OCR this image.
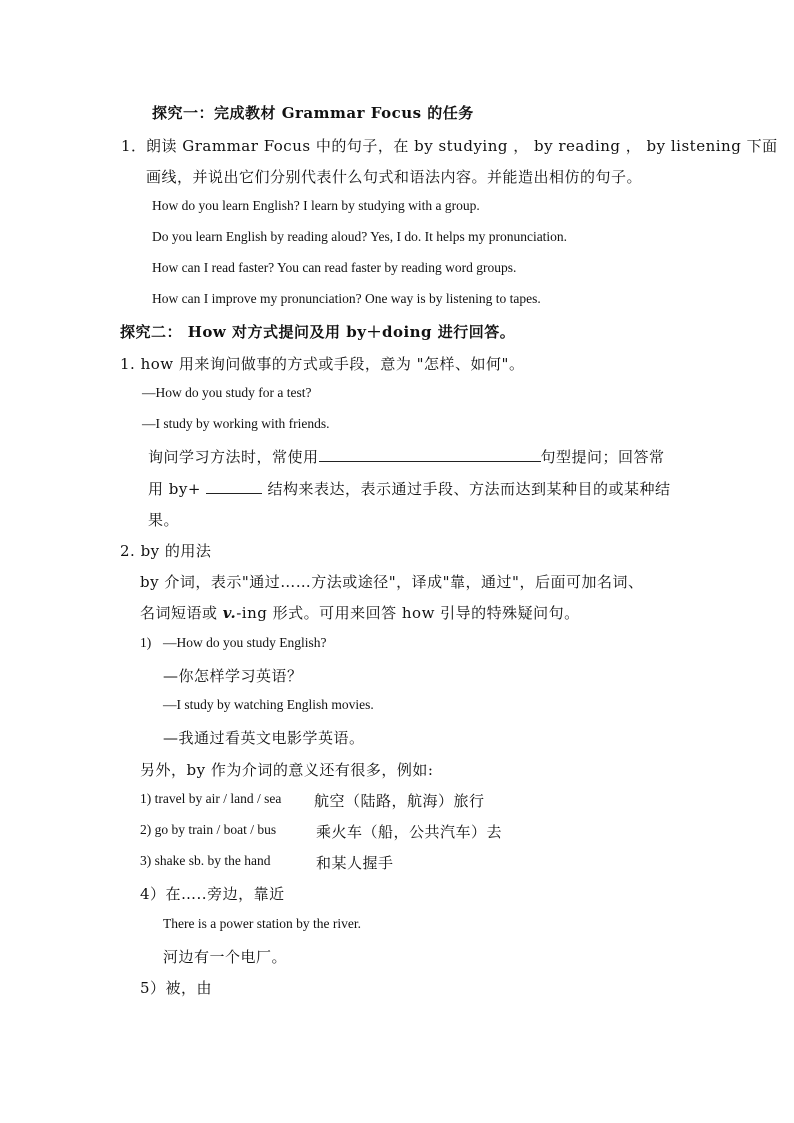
探究一：完成教材 Grammar Focus 的任务
1． 朗读 Grammar Focus 中的句子，在 by studying ， by reading ， by listening 下面
画线，并说出它们分别代表什么句式和语法内容。并能造出相仿的句子。
How do you learn English? I learn by studying with a group.
Do you learn English by reading aloud? Yes, I do. It helps my pronunciation.
How can I read faster? You can read faster by reading word groups.
How can I improve my pronunciation? One way is by listening to tapes.
探究二： How 对方式提问及用 by＋doing 进行回答。
1. how 用来询问做事的方式或手段，意为 "怎样、如何"。
—How do you study for a test?
—I study by working with friends.
询问学习方法时，常使用	句型提问；回答常
用 by+	结构来表达，表示通过手段、方法而达到某种目的或某种结
果。
2. by 的用法
by 介词，表示"通过……方法或途径"，译成"靠，通过"，后面可加名词、
名词短语或 v.-ing 形式。可用来回答 how 引导的特殊疑问句。
1) —How do you study English?
—你怎样学习英语？
—I study by watching English movies.
—我通过看英文电影学英语。
另外，by 作为介词的意义还有很多，例如:
1) travel by air / land / sea 航空（陆路，航海）旅行
2) go by train / boat / bus	乘火车（船，公共汽车）去
3) shake sb. by the hand	和某人握手
4）在…..旁边，靠近
There is a power station by the river.
河边有一个电厂。
5）被，由
